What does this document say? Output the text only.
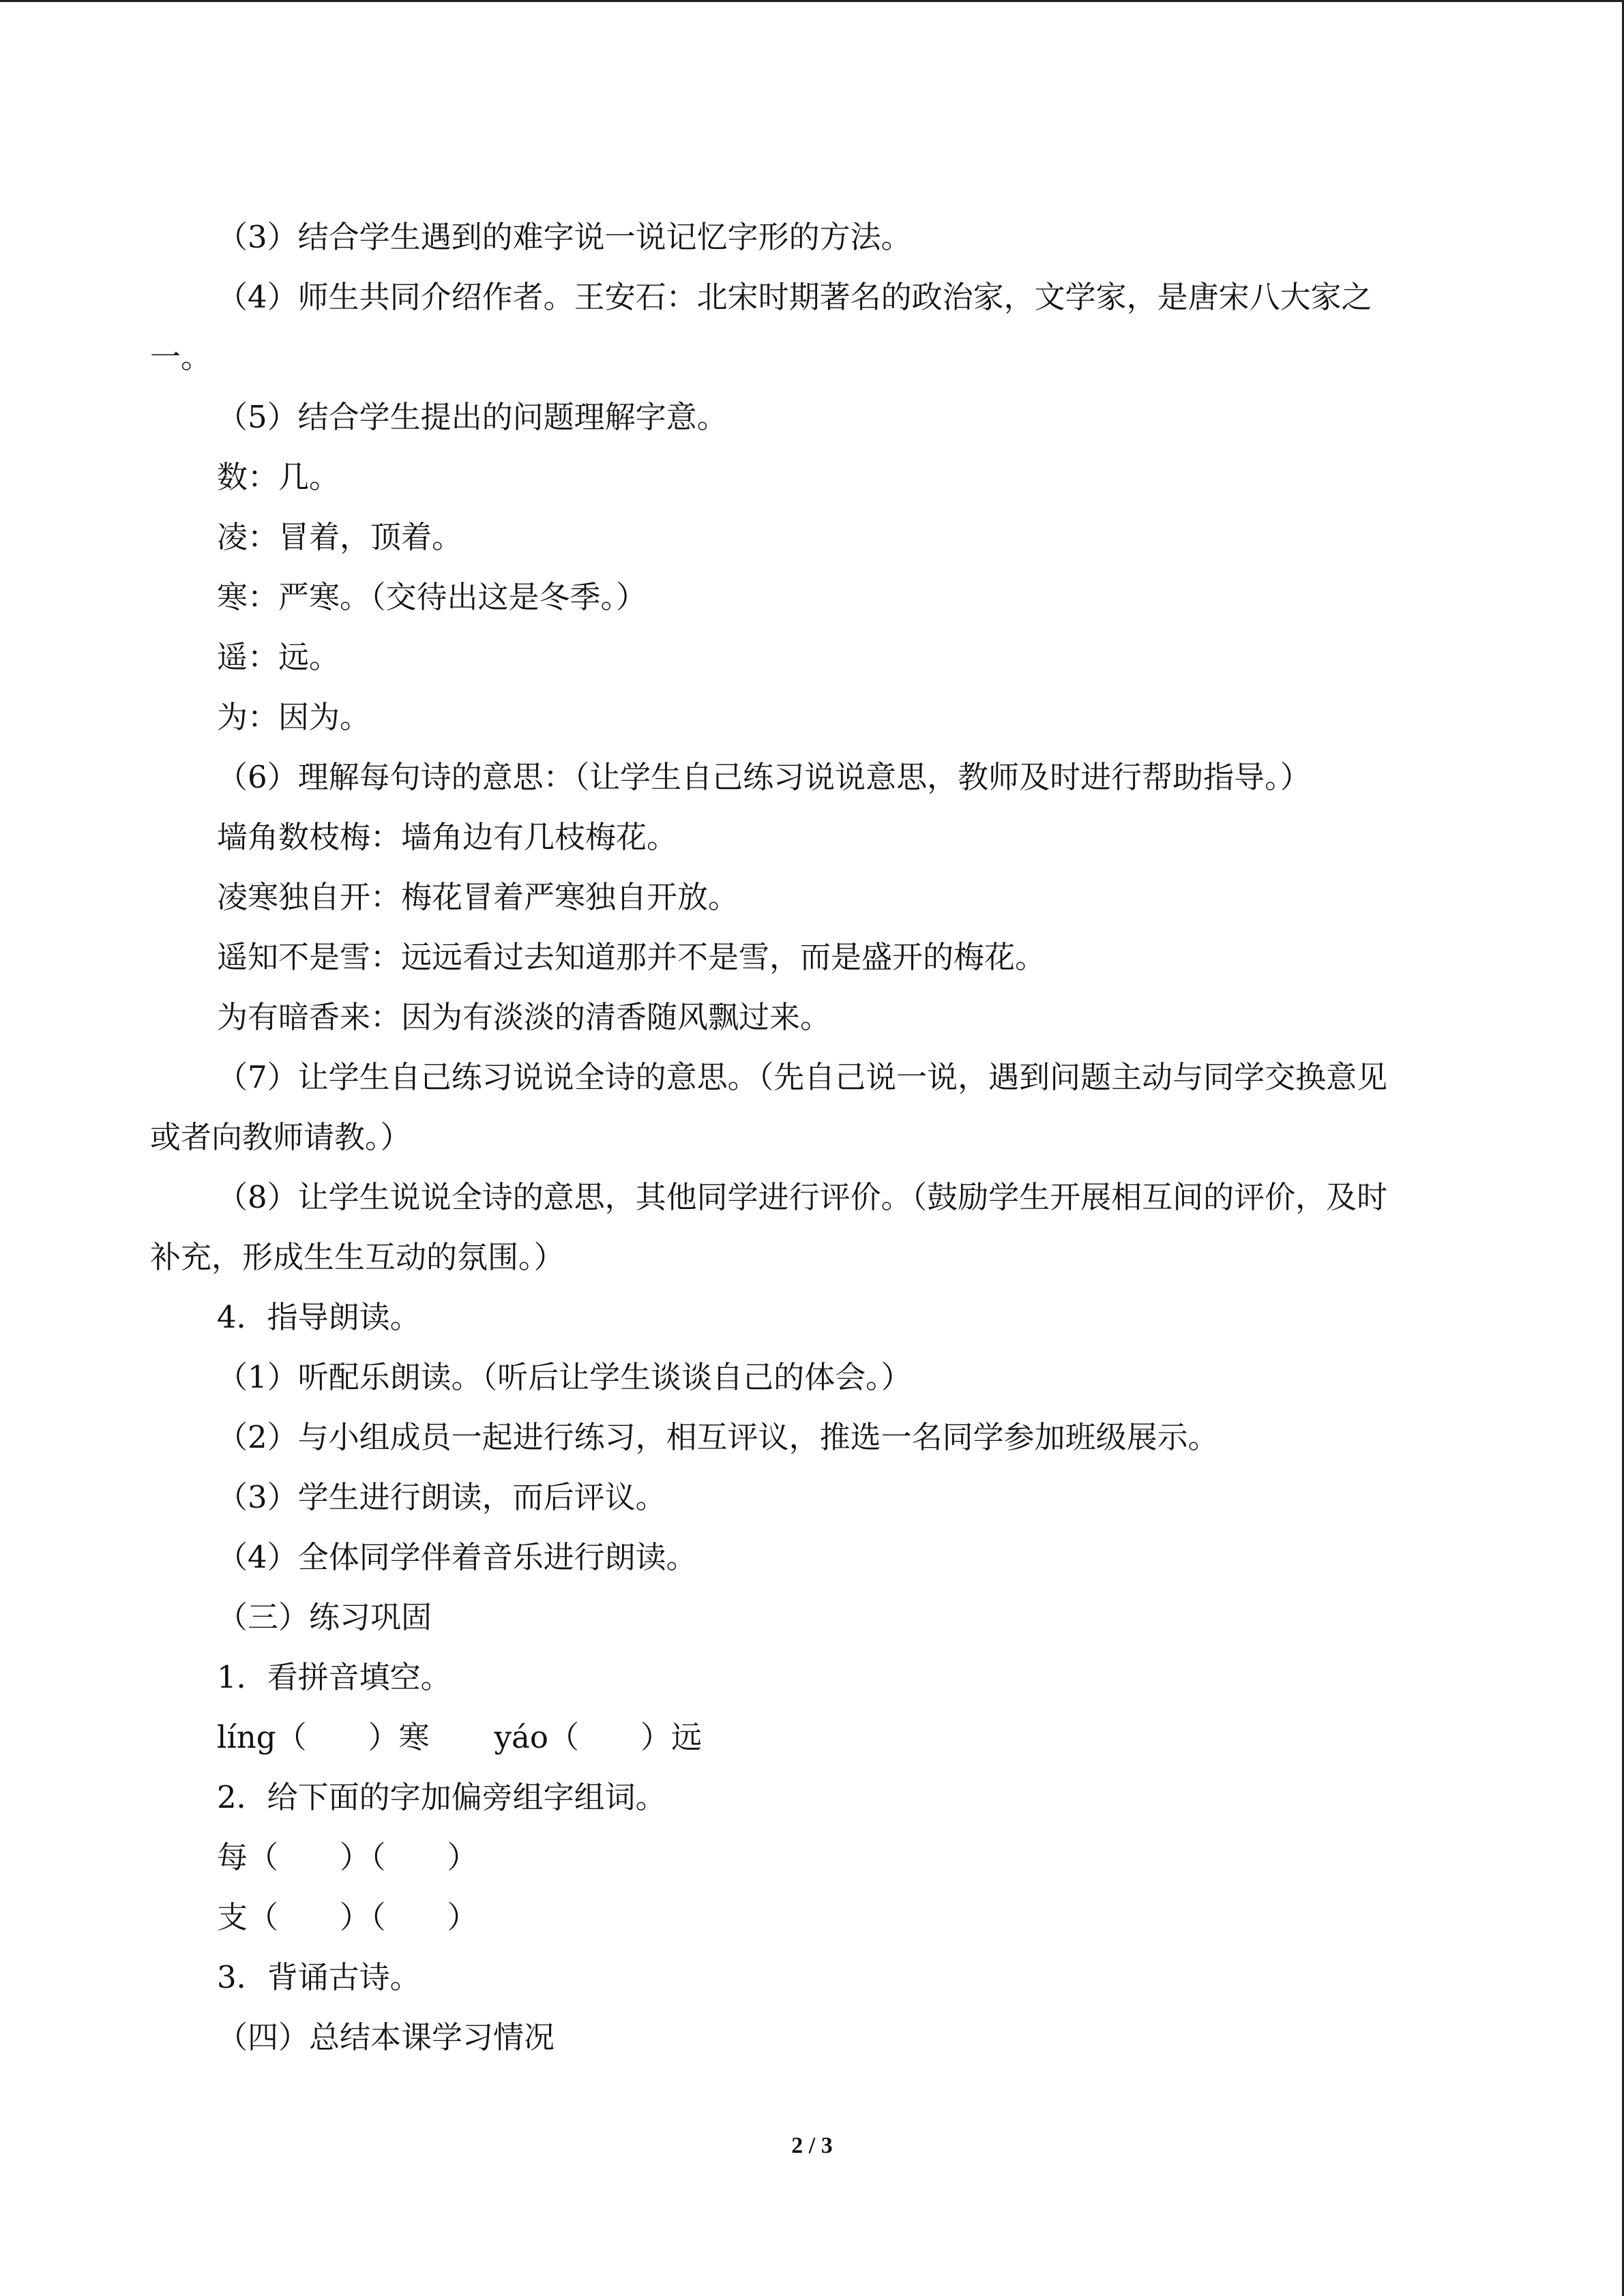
（3）结合学生遇到的难字说一说记忆字形的方法。

（4）师生共同介绍作者。王安石：北宋时期著名的政治家，文学家，是唐宋八大家之

一。

（5）结合学生提出的问题理解字意。

数：几。

凌：冒着，顶着。

寒：严寒。（交待出这是冬季。）

遥：远。

为：因为。

（6）理解每句诗的意思：（让学生自己练习说说意思，教师及时进行帮助指导。）

墙角数枝梅：墙角边有几枝梅花。

凌寒独自开：梅花冒着严寒独自开放。

遥知不是雪：远远看过去知道那并不是雪，而是盛开的梅花。

为有暗香来：因为有淡淡的清香随风飘过来。

（7）让学生自己练习说说全诗的意思。（先自己说一说，遇到问题主动与同学交换意见

或者向教师请教。）

（8）让学生说说全诗的意思，其他同学进行评价。（鼓励学生开展相互间的评价，及时

补充，形成生生互动的氛围。）

4．指导朗读。

（1）听配乐朗读。（听后让学生谈谈自己的体会。）

（2）与小组成员一起进行练习，相互评议，推选一名同学参加班级展示。

（3）学生进行朗读，而后评议。

（4）全体同学伴着音乐进行朗读。

（三）练习巩固

1．看拼音填空。

líng（　　）寒 yáo（　　）远

2．给下面的字加偏旁组字组词。

每（　　）（　　）

支（　　）（　　）

3．背诵古诗。

（四）总结本课学习情况

2 / 3
